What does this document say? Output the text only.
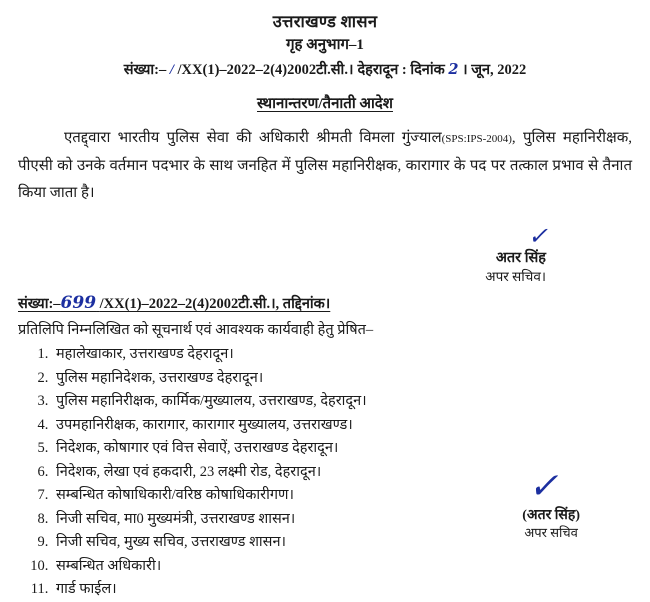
उत्तराखण्ड शासन
गृह अनुभाग–1
संख्या:– / /XX(1)–2022–2(4)2002टी.सी.। देहरादून : दिनांक 2 । जून, 2022
स्थानान्तरण/तैनाती आदेश

एतद्द्वारा भारतीय पुलिस सेवा की अधिकारी श्रीमती विमला गुंज्याल(SPS:IPS-2004), पुलिस महानिरीक्षक, पीएसी को उनके वर्तमान पदभार के साथ जनहित में पुलिस महानिरीक्षक, कारागार के पद पर तत्काल प्रभाव से तैनात किया जाता है।

✓
अतर सिंह
अपर सचिव।
संख्या:–699 /XX(1)–2022–2(4)2002टी.सी.।, तद्दिनांक।
प्रतिलिपि निम्नलिखित को सूचनार्थ एवं आवश्यक कार्यवाही हेतु प्रेषित–
1. महालेखाकार, उत्तराखण्ड देहरादून।
2. पुलिस महानिदेशक, उत्तराखण्ड देहरादून।
3. पुलिस महानिरीक्षक, कार्मिक/मुख्यालय, उत्तराखण्ड, देहरादून।
4. उपमहानिरीक्षक, कारागार, कारागार मुख्यालय, उत्तराखण्ड।
5. निदेशक, कोषागार एवं वित्त सेवाऐं, उत्तराखण्ड देहरादून।
6. निदेशक, लेखा एवं हकदारी, 23 लक्ष्मी रोड, देहरादून।
7. सम्बन्धित कोषाधिकारी/वरिष्ठ कोषाधिकारीगण।
8. निजी सचिव, मा0 मुख्यमंत्री, उत्तराखण्ड शासन।
9. निजी सचिव, मुख्य सचिव, उत्तराखण्ड शासन।
10. सम्बन्धित अधिकारी।
11. गार्ड फाईल।
✓
(अतर सिंह)
अपर सचिव
